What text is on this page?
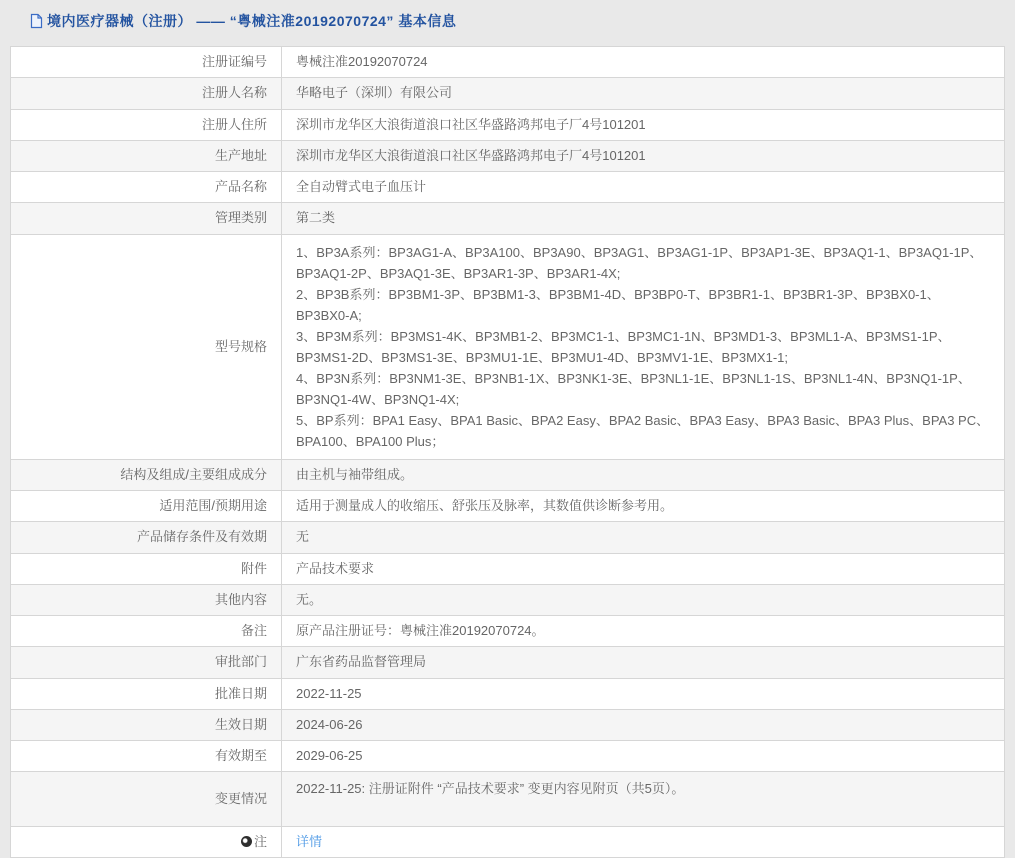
境内医疗器械（注册） —— “粤械注准20192070724” 基本信息
注册证编号	粤械注准20192070724
注册人名称	华略电子（深圳）有限公司
注册人住所	深圳市龙华区大浪街道浪口社区华盛路鸿邦电子厂4号101201
生产地址	深圳市龙华区大浪街道浪口社区华盛路鸿邦电子厂4号101201
产品名称	全自动臂式电子血压计
管理类别	第二类
型号规格	1、BP3A系列：BP3AG1-A、BP3A100、BP3A90、BP3AG1、BP3AG1-1P、BP3AP1-3E、BP3AQ1-1、BP3AQ1-1P、BP3AQ1-2P、BP3AQ1-3E、BP3AR1-3P、BP3AR1-4X;
2、BP3B系列：BP3BM1-3P、BP3BM1-3、BP3BM1-4D、BP3BP0-T、BP3BR1-1、BP3BR1-3P、BP3BX0-1、BP3BX0-A;
3、BP3M系列：BP3MS1-4K、BP3MB1-2、BP3MC1-1、BP3MC1-1N、BP3MD1-3、BP3ML1-A、BP3MS1-1P、BP3MS1-2D、BP3MS1-3E、BP3MU1-1E、BP3MU1-4D、BP3MV1-1E、BP3MX1-1;
4、BP3N系列：BP3NM1-3E、BP3NB1-1X、BP3NK1-3E、BP3NL1-1E、BP3NL1-1S、BP3NL1-4N、BP3NQ1-1P、BP3NQ1-4W、BP3NQ1-4X;
5、BP系列：BPA1 Easy、BPA1 Basic、BPA2 Easy、BPA2 Basic、BPA3 Easy、BPA3 Basic、BPA3 Plus、BPA3 PC、BPA100、BPA100 Plus；

结构及组成/主要组成成分	由主机与袖带组成。
适用范围/预期用途	适用于测量成人的收缩压、舒张压及脉率，其数值供诊断参考用。
产品储存条件及有效期	无
附件	产品技术要求
其他内容	无。
备注	原产品注册证号：粤械注准20192070724。
审批部门	广东省药品监督管理局
批准日期	2022-11-25
生效日期	2024-06-26
有效期至	2029-06-25
变更情况	2022-11-25: 注册证附件 “产品技术要求” 变更内容见附页（共5页）。
注	详情
